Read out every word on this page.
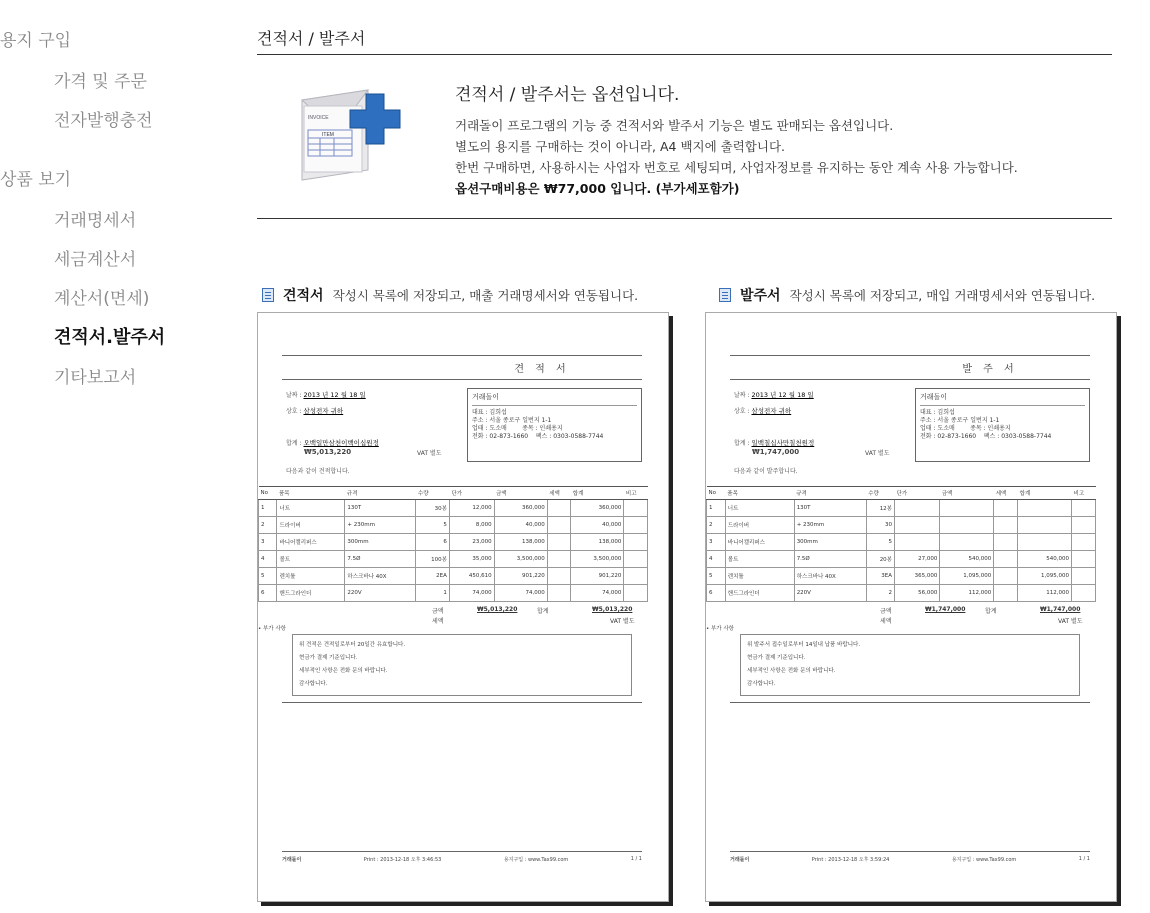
용지 구입
가격 및 주문
전자발행충전
상품 보기
거래명세서
세금계산서
계산서(면세)
견적서.발주서
기타보고서
견적서 / 발주서
INVOICE
ITEM
견적서 / 발주서는 옵션입니다.
거래돌이 프로그램의 기능 중 견적서와 발주서 기능은 별도 판매되는 옵션입니다.
별도의 용지를 구매하는 것이 아니라, A4 백지에 출력합니다.
한번 구매하면, 사용하시는 사업자 번호로 세팅되며, 사업자정보를 유지하는 동안 계속 사용 가능합니다.
옵션구매비용은 ₩77,000 입니다. (부가세포함가)
견적서 작성시 목록에 저장되고, 매출 거래명세서와 연동됩니다.	발주서 작성시 목록에 저장되고, 매입 거래명세서와 연동됩니다.
견 적 서
날짜 : 2013 년 12 월 18 일
상호 : 삼성전자 귀하
합계 : 오백일만삼천이백이십원정
₩5,013,220	VAT 별도
다음과 같이 견적합니다.
거래돌이
대표 : 김희섭
주소 : 서울 종로구 일번지 1-1
업태 : 도소매	종목 : 인쇄용지
전화 : 02-873-1660 팩스 : 0303-0588-7744
No	품목	규격	수량	단가	금액	세액	합계	비고
1	너트	130T	30봉	12,000	360,000		360,000	
2	드라이버	+ 230mm	5	8,000	40,000		40,000	
3	바니어캘리퍼스	300mm	6	23,000	138,000		138,000	
4	볼트	7.5Ø	100봉	35,000	3,500,000		3,500,000	
5	렌치툴	하스크바나 40X	2EA	450,610	901,220		901,220	
6	핸드그라인더	220V	1	74,000	74,000		74,000	
금액	₩5,013,220	합계	₩5,013,220
세액	VAT 별도
• 부가 사항
위 견적은 견적일로부터 20일간 유효합니다.
현금가 결제 기준입니다.
세부적인 사항은 전화 문의 바랍니다.
감사합니다.
거래돌이	Print : 2013-12-18 오후 3:46:53	용지구입 : www.Tax99.com	1 / 1
발 주 서
날짜 : 2013 년 12 월 18 일
상호 : 삼성전자 귀하
합계 : 일백칠십사만칠천원정
₩1,747,000	VAT 별도
다음과 같이 발주합니다.
거래돌이
대표 : 김희섭
주소 : 서울 종로구 일번지 1-1
업태 : 도소매	종목 : 인쇄용지
전화 : 02-873-1660 팩스 : 0303-0588-7744
No	품목	규격	수량	단가	금액	세액	합계	비고
1	너트	130T	12봉					
2	드라이버	+ 230mm	30					
3	바니어캘리퍼스	300mm	5					
4	볼트	7.5Ø	20봉	27,000	540,000		540,000	
5	렌치툴	하스크바나 40X	3EA	365,000	1,095,000		1,095,000	
6	핸드그라인더	220V	2	56,000	112,000		112,000	
금액	₩1,747,000	합계	₩1,747,000
세액	VAT 별도
• 부가 사항
위 발주서 접수일로부터 14일내 납품 바랍니다.
현금가 결제 기준입니다.
세부적인 사항은 전화 문의 바랍니다.
감사합니다.
거래돌이	Print : 2013-12-18 오후 3:59:24	용지구입 : www.Tax99.com	1 / 1
